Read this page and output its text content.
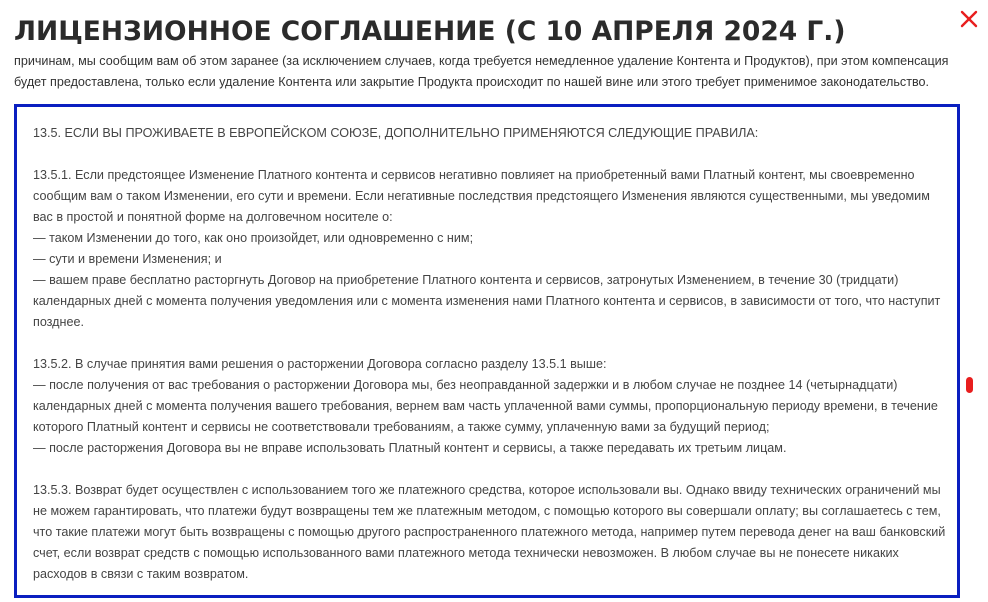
ЛИЦЕНЗИОННОЕ СОГЛАШЕНИЕ (С 10 АПРЕЛЯ 2024 Г.)

причинам, мы сообщим вам об этом заранее (за исключением случаев, когда требуется немедленное удаление Контента и Продуктов), при этом компенсация будет предоставлена, только если удаление Контента или закрытие Продукта происходит по нашей вине или этого требует применимое законодательство.

13.5. ЕСЛИ ВЫ ПРОЖИВАЕТЕ В ЕВРОПЕЙСКОМ СОЮЗЕ, ДОПОЛНИТЕЛЬНО ПРИМЕНЯЮТСЯ СЛЕДУЮЩИЕ ПРАВИЛА:

13.5.1. Если предстоящее Изменение Платного контента и сервисов негативно повлияет на приобретенный вами Платный контент, мы своевременно сообщим вам о таком Изменении, его сути и времени. Если негативные последствия предстоящего Изменения являются существенными, мы уведомим вас в простой и понятной форме на долговечном носителе о:
— таком Изменении до того, как оно произойдет, или одновременно с ним;
— сути и времени Изменения; и
— вашем праве бесплатно расторгнуть Договор на приобретение Платного контента и сервисов, затронутых Изменением, в течение 30 (тридцати) календарных дней с момента получения уведомления или с момента изменения нами Платного контента и сервисов, в зависимости от того, что наступит позднее.

13.5.2. В случае принятия вами решения о расторжении Договора согласно разделу 13.5.1 выше:
— после получения от вас требования о расторжении Договора мы, без неоправданной задержки и в любом случае не позднее 14 (четырнадцати) календарных дней с момента получения вашего требования, вернем вам часть уплаченной вами суммы, пропорциональную периоду времени, в течение которого Платный контент и сервисы не соответствовали требованиям, а также сумму, уплаченную вами за будущий период;
— после расторжения Договора вы не вправе использовать Платный контент и сервисы, а также передавать их третьим лицам.

13.5.3. Возврат будет осуществлен с использованием того же платежного средства, которое использовали вы. Однако ввиду технических ограничений мы не можем гарантировать, что платежи будут возвращены тем же платежным методом, с помощью которого вы совершали оплату; вы соглашаетесь с тем, что такие платежи могут быть возвращены с помощью другого распространенного платежного метода, например путем перевода денег на ваш банковский счет, если возврат средств с помощью использованного вами платежного метода технически невозможен. В любом случае вы не понесете никаких расходов в связи с таким возвратом.
